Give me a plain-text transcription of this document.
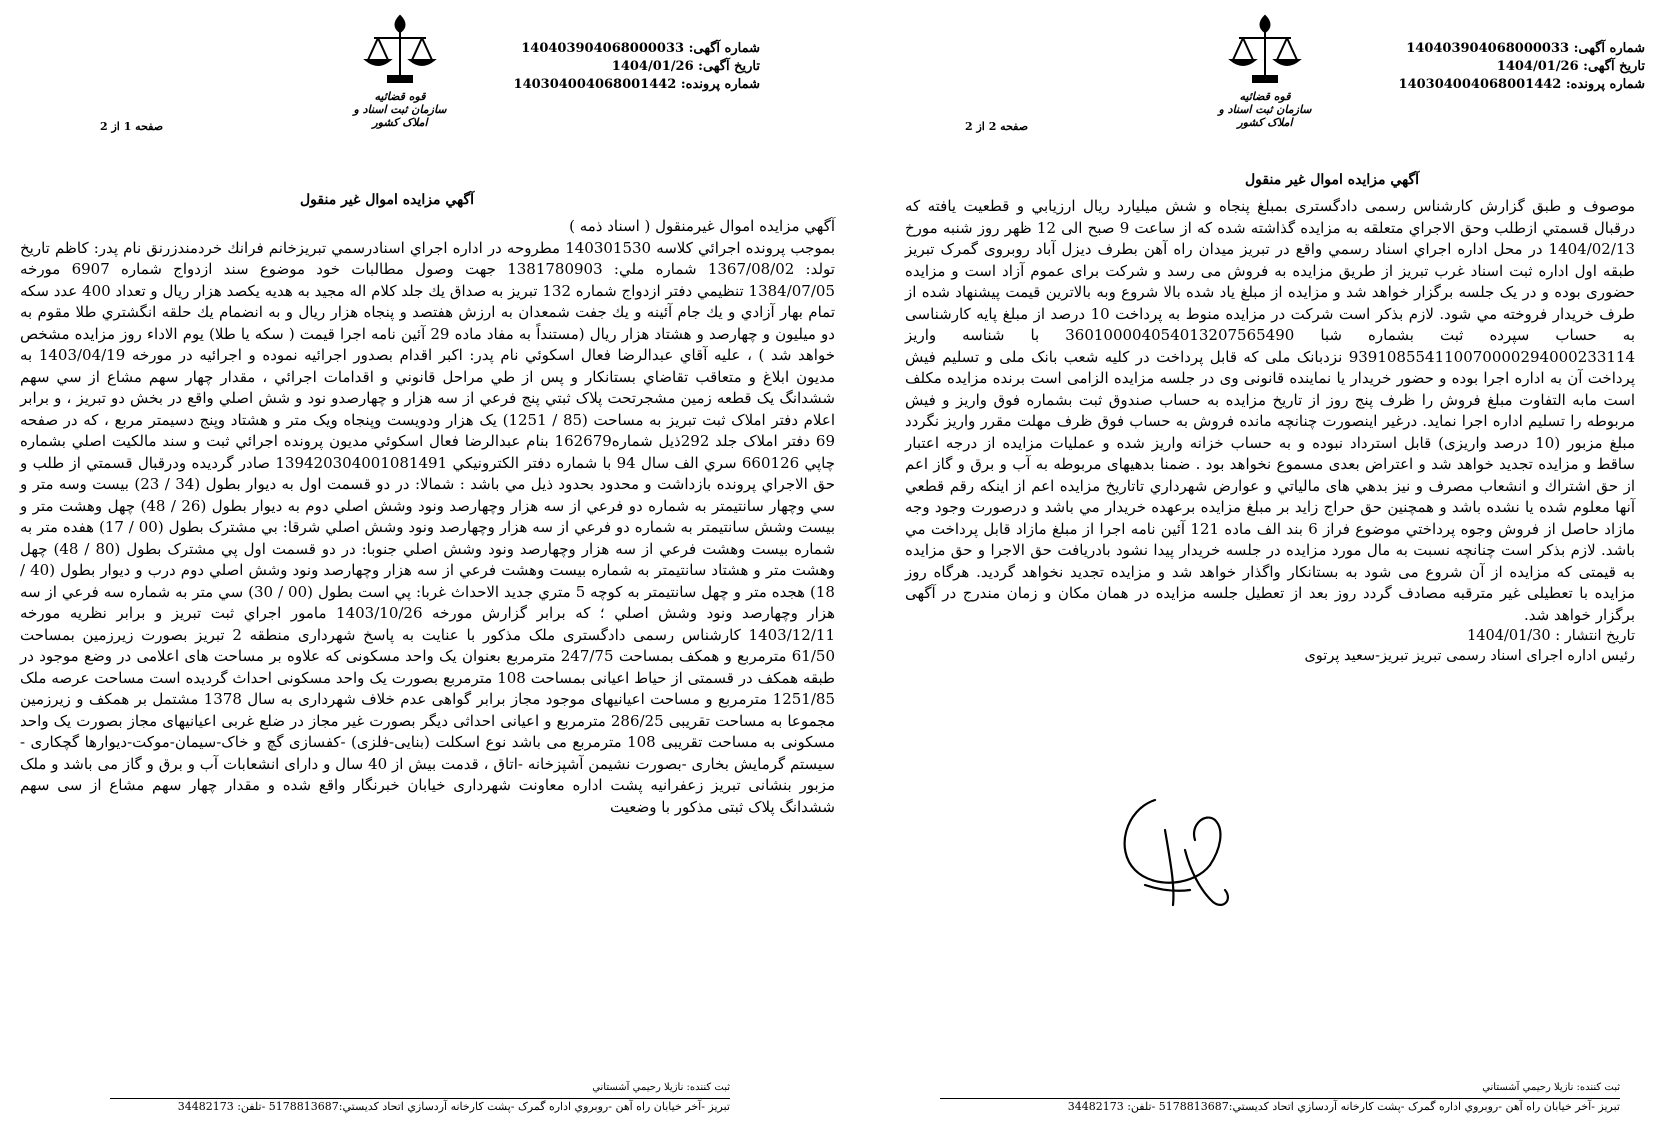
شماره آگهی: 140403904068000033
تاریخ آگهی: 1404/01/26
شماره پرونده: 140304004068001442
قوه قضائیه
سازمان ثبت اسناد و املاک کشور
صفحه 1 از 2
آگهي مزايده اموال غير منقول

آگهي مزايده اموال غيرمنقول ( اسناد ذمه )

بموجب پرونده اجرائي كلاسه 140301530 مطروحه در اداره اجراي اسنادرسمي تبريزخانم فرانك خردمندزرنق نام پدر: كاظم تاريخ تولد: 1367/08/02 شماره ملي: 1381780903 جهت وصول مطالبات خود موضوع سند ازدواج شماره 6907 مورخه 1384/07/05 تنظيمي دفتر ازدواج شماره 132 تبريز به صداق يك جلد كلام اله مجيد به هديه يكصد هزار ريال و تعداد 400 عدد سكه تمام بهار آزادي و يك جام آئينه و يك جفت شمعدان به ارزش هفتصد و پنجاه هزار ريال و به انضمام يك حلقه انگشتري طلا مقوم به دو ميليون و چهارصد و هشتاد هزار ريال (مستنداً به مفاد ماده 29 آئين نامه اجرا قيمت ( سكه يا طلا) يوم الاداء روز مزايده مشخص خواهد شد ) ، عليه آقاي عبدالرضا فعال اسكوئي نام پدر: اكبر اقدام بصدور اجرائيه نموده و اجرائيه در مورخه 1403/04/19 به مديون ابلاغ و متعاقب تقاضاي بستانكار و پس از طي مراحل قانوني و اقدامات اجرائي ، مقدار چهار سهم مشاع از سي سهم ششدانگ يک قطعه زمين مشجرتحت پلاک ثبتي پنج فرعي از سه هزار و چهارصدو نود و شش اصلي واقع در بخش دو تبريز ، و برابر اعلام دفتر املاک ثبت تبريز به مساحت (85 / 1251) يک هزار ودويست وپنجاه ويک متر و هشتاد وپنج دسيمتر مربع ، که در صفحه 69 دفتر املاک جلد 292ذيل شماره162679 بنام عبدالرضا فعال اسکوئي مديون پرونده اجرائي ثبت و سند مالکيت اصلي بشماره چاپي 660126 سري الف سال 94 با شماره دفتر الکترونيکي 139420304001081491 صادر گرديده ودرقبال قسمتي از طلب و حق الاجراي پرونده بازداشت و محدود بحدود ذيل مي باشد : شمالا: در دو قسمت اول به ديوار بطول (34 / 23) بيست وسه متر و سي وچهار سانتيمتر به شماره دو فرعي از سه هزار وچهارصد ونود وشش اصلي دوم به ديوار بطول (26 / 48) چهل وهشت متر و بيست وشش سانتيمتر به شماره دو فرعي از سه هزار وچهارصد ونود وشش اصلي شرقا: بي مشترک بطول (00 / 17) هفده متر به شماره بيست وهشت فرعي از سه هزار وچهارصد ونود وشش اصلي جنوبا: در دو قسمت اول پي مشترک بطول (80 / 48) چهل وهشت متر و هشتاد سانتيمتر به شماره بيست وهشت فرعي از سه هزار وچهارصد ونود وشش اصلي دوم درب و ديوار بطول (40 / 18) هجده متر و چهل سانتيمتر به کوچه 5 متري جديد الاحداث غربا: پي است بطول (00 / 30) سي متر به شماره سه فرعي از سه هزار وچهارصد ونود وشش اصلي ؛ که برابر گزارش مورخه 1403/10/26 مامور اجراي ثبت تبريز و برابر نظريه مورخه 1403/12/11 کارشناس رسمی دادگستری ملک مذکور با عنايت به پاسخ شهرداری منطقه 2 تبريز بصورت زيرزمين بمساحت 61/50 مترمربع و همکف بمساحت 247/75 مترمربع بعنوان يک واحد مسکونی که علاوه بر مساحت های اعلامی در وضع موجود در طبقه همکف در قسمتی از حياط اعيانی بمساحت 108 مترمربع بصورت يک واحد مسکونی احداث گرديده است مساحت عرصه ملک 1251/85 مترمربع و مساحت اعيانيهای موجود مجاز برابر گواهی عدم خلاف شهرداری به سال 1378 مشتمل بر همکف و زيرزمين مجموعا به مساحت تقريبی 286/25 مترمربع و اعيانی احداثی ديگر بصورت غير مجاز در ضلع غربی اعيانيهای مجاز بصورت يک واحد مسکونی به مساحت تقريبی 108 مترمربع می باشد نوع اسکلت (بنايی-فلزی) -کفسازی گچ و خاک-سيمان-موکت-ديوارها گچکاری - سيستم گرمايش بخاری -بصورت نشيمن آشپزخانه -اتاق ، قدمت بيش از 40 سال و دارای انشعابات آب و برق و گاز می باشد و ملک مزبور بنشانی تبريز زعفرانيه پشت اداره معاونت شهرداری خيابان خبرنگار واقع شده و مقدار چهار سهم مشاع از سی سهم ششدانگ پلاک ثبتی مذکور با وضعيت

ثبت کننده: نازيلا رحيمي آشستاني
تبریز -آخر خيابان راه آهن -روبروي اداره گمرک -پشت کارخانه آردسازي اتحاد کديستي:5178813687 -تلفن: 34482173
شماره آگهی: 140403904068000033
تاریخ آگهی: 1404/01/26
شماره پرونده: 140304004068001442
قوه قضائیه
سازمان ثبت اسناد و املاک کشور
صفحه 2 از 2
آگهي مزايده اموال غير منقول

موصوف و طبق گزارش کارشناس رسمی دادگستری بمبلغ پنجاه و شش ميليارد ريال ارزيابي و قطعيت يافته كه درقبال قسمتي ازطلب وحق الاجراي متعلقه به مزايده گذاشته شده كه از ساعت 9 صبح الی 12 ظهر روز شنبه مورخ 1404/02/13 در محل اداره اجراي اسناد رسمي واقع در تبريز ميدان راه آهن بطرف ديزل آباد روبروی گمرک تبريز طبقه اول اداره ثبت اسناد غرب تبريز از طريق مزايده به فروش می رسد و شرکت برای عموم آزاد است و مزايده حضوری بوده و در یک جلسه برگزار خواهد شد و مزايده از مبلغ ياد شده بالا شروع وبه بالاترين قيمت پيشنهاد شده از طرف خريدار فروخته مي شود. لازم بذكر است شرکت در مزايده منوط به پرداخت 10 درصد از مبلغ پايه کارشناسی به حساب سپرده ثبت بشماره شبا 360100004054013207565490 با شناسه واريز 939108554110070000294000233114 نزدبانک ملی که قابل پرداخت در کليه شعب بانک ملی و تسليم فيش پرداخت آن به اداره اجرا بوده و حضور خريدار يا نماينده قانونی وی در جلسه مزايده الزامی است برنده مزايده مکلف است مابه التفاوت مبلغ فروش را ظرف پنج روز از تاريخ مزايده به حساب صندوق ثبت بشماره فوق واريز و فيش مربوطه را تسليم اداره اجرا نمايد. درغير اينصورت چنانچه مانده فروش به حساب فوق ظرف مهلت مقرر واريز نگردد مبلغ مزبور (10 درصد واريزی) قابل استرداد نبوده و به حساب خزانه واريز شده و عمليات مزايده از درجه اعتبار ساقط و مزايده تجديد خواهد شد و اعتراض بعدی مسموع نخواهد بود . ضمنا بدهيهای مربوطه به آب و برق و گاز اعم از حق اشتراك و انشعاب مصرف و نيز بدهي های مالياتي و عوارض شهرداري تاتاريخ مزايده اعم از اينكه رقم قطعي آنها معلوم شده يا نشده باشد و همچنين حق حراج زايد بر مبلغ مزايده برعهده خريدار مي باشد و درصورت وجود وجه مازاد حاصل از فروش وجوه پرداختي موضوع فراز 6 بند الف ماده 121 آئين نامه اجرا از مبلغ مازاد قابل پرداخت مي باشد. لازم بذکر است چنانچه نسبت به مال مورد مزايده در جلسه خريدار پيدا نشود بادريافت حق الاجرا و حق مزايده به قيمتی که مزايده از آن شروع می شود به بستانکار واگذار خواهد شد و مزايده تجديد نخواهد گرديد. هرگاه روز مزايده با تعطيلی غير مترقبه مصادف گردد روز بعد از تعطيل جلسه مزايده در همان مکان و زمان مندرج در آگهی برگزار خواهد شد.

تاريخ انتشار : 1404/01/30
رئيس اداره اجرای اسناد رسمی تبريز تبريز-سعيد پرتوی
ثبت کننده: نازيلا رحيمي آشستاني
تبریز -آخر خيابان راه آهن -روبروي اداره گمرک -پشت کارخانه آردسازي اتحاد کديستي:5178813687 -تلفن: 34482173
